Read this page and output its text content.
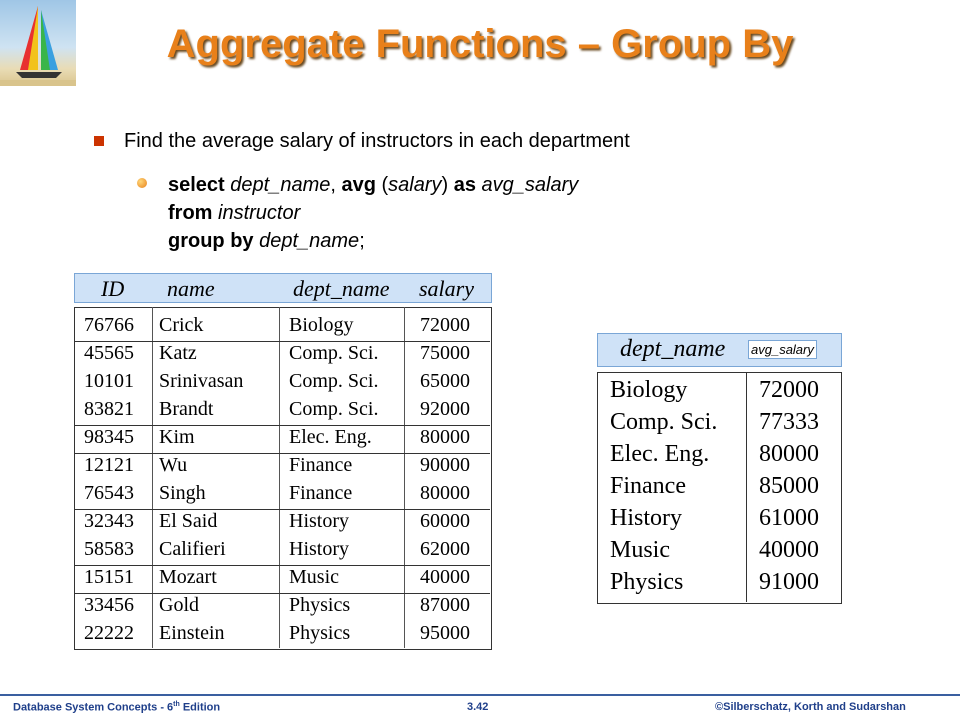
Aggregate Functions – Group By
Find the average salary of instructors in each department
select dept_name, avg (salary) as avg_salary
from instructor
group by dept_name;
ID name	dept_name salary
76766 Crick	Biology	72000
45565 Katz	Comp. Sci. 75000
10101 Srinivasan Comp. Sci. 65000
83821 Brandt	Comp. Sci. 92000
98345 Kim	Elec. Eng. 80000
12121 Wu	Finance	90000
76543 Singh	Finance	80000
32343 El Said	History	60000
58583 Califieri	History	62000
15151 Mozart	Music	40000
33456 Gold	Physics	87000
22222 Einstein	Physics	95000
dept_name avg_salary
Biology	72000
Comp. Sci. 77333
Elec. Eng. 80000
Finance	85000
History	61000
Music	40000
Physics	91000
Database System Concepts - 6th Edition	3.42	©Silberschatz, Korth and Sudarshan
